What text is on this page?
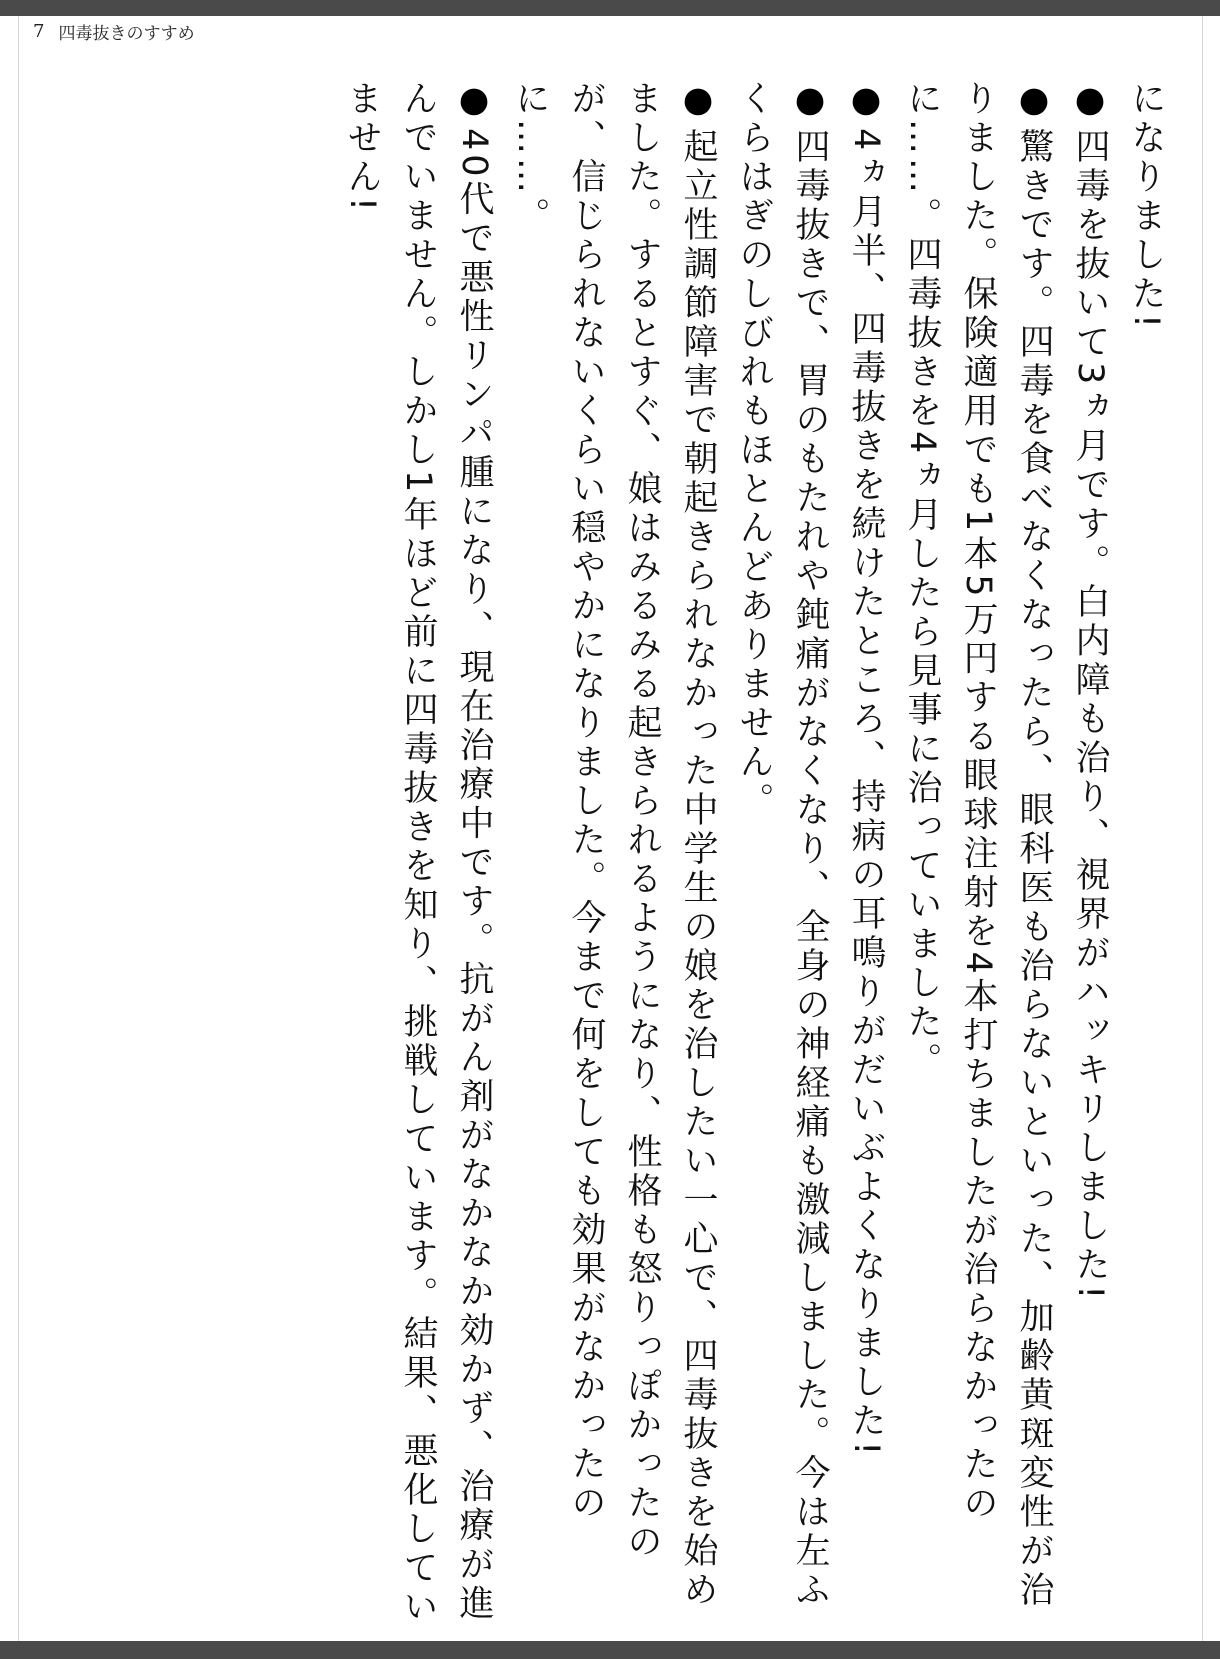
7 四毒抜きのすすめ

になりました!

●四毒を抜いて3ヵ月です。白内障も治り、視界がハッキリしました!

●驚きです。四毒を食べなくなったら、眼科医も治らないといった、加齢黄斑変性が治りました。保険適用でも1本5万円する眼球注射を4本打ちましたが治らなかったのに……。四毒抜きを4ヵ月したら見事に治っていました。

●4ヵ月半、四毒抜きを続けたところ、持病の耳鳴りがだいぶよくなりました!

●四毒抜きで、胃のもたれや鈍痛がなくなり、全身の神経痛も激減しました。今は左ふくらはぎのしびれもほとんどありません。

●起立性調節障害で朝起きられなかった中学生の娘を治したい一心で、四毒抜きを始めました。するとすぐ、娘はみるみる起きられるようになり、性格も怒りっぽかったのが、信じられないくらい穏やかになりました。今まで何をしても効果がなかったのに……。

●40代で悪性リンパ腫になり、現在治療中です。抗がん剤がなかなか効かず、治療が進んでいません。しかし1年ほど前に四毒抜きを知り、挑戦しています。結果、悪化していません!
